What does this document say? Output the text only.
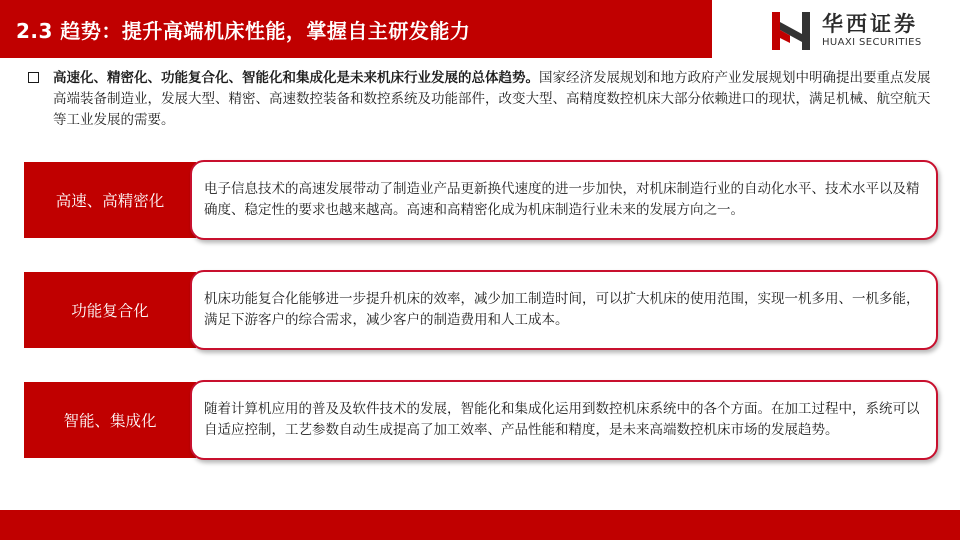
2.3 趋势：提升高端机床性能，掌握自主研发能力	华西证券
HUAXI SECURITIES
高速化、精密化、功能复合化、智能化和集成化是未来机床行业发展的总体趋势。国家经济发展规划和地方政府产业发展规划中明确提出要重点发展高端装备制造业，发展大型、精密、高速数控装备和数控系统及功能部件，改变大型、高精度数控机床大部分依赖进口的现状，满足机械、航空航天等工业发展的需要。
高速、高精密化
电子信息技术的高速发展带动了制造业产品更新换代速度的进一步加快，对机床制造行业的自动化水平、技术水平以及精确度、稳定性的要求也越来越高。高速和高精密化成为机床制造行业未来的发展方向之一。
功能复合化
机床功能复合化能够进一步提升机床的效率，减少加工制造时间，可以扩大机床的使用范围，实现一机多用、一机多能，满足下游客户的综合需求，减少客户的制造费用和人工成本。
智能、集成化
随着计算机应用的普及及软件技术的发展，智能化和集成化运用到数控机床系统中的各个方面。在加工过程中，系统可以自适应控制，工艺参数自动生成提高了加工效率、产品性能和精度，是未来高端数控机床市场的发展趋势。
